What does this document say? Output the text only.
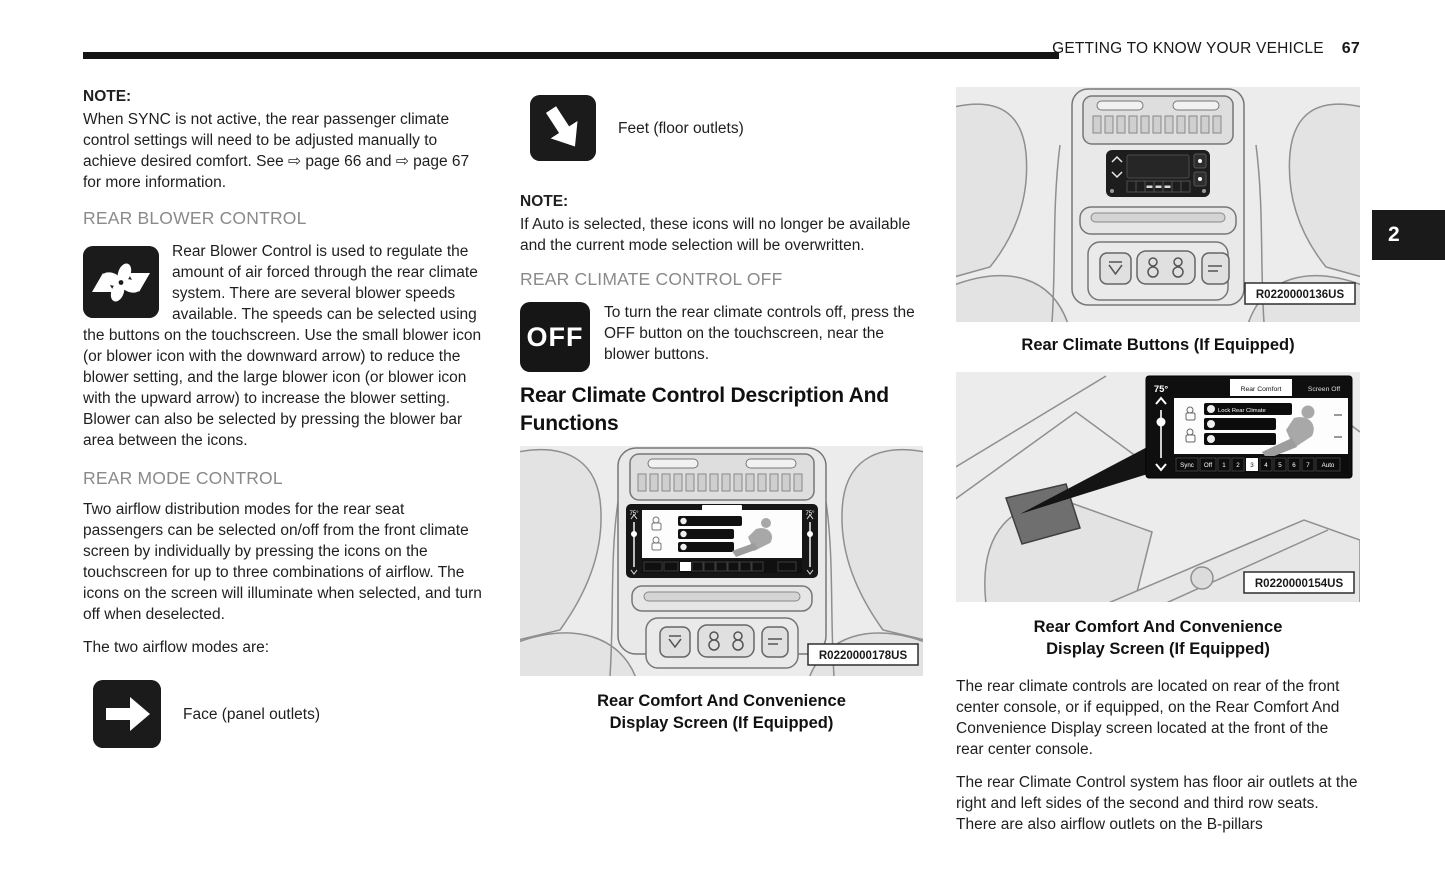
GETTING TO KNOW YOUR VEHICLE 67
2
NOTE:

When SYNC is not active, the rear passenger climate control settings will need to be adjusted manually to achieve desired comfort. See ⇨ page 66 and ⇨ page 67 for more information.

REAR BLOWER CONTROL

Rear Blower Control is used to regulate the amount of air forced through the rear climate system. There are several blower speeds available. The speeds can be selected using the buttons on the touchscreen. Use the small blower icon (or blower icon with the downward arrow) to reduce the blower setting, and the large blower icon (or blower icon with the upward arrow) to increase the blower setting. Blower can also be selected by pressing the blower bar area between the icons.

REAR MODE CONTROL

Two airflow distribution modes for the rear seat passengers can be selected on/off from the front climate screen by individually by pressing the icons on the touchscreen for up to three combinations of airflow. The icons on the screen will illuminate when selected, and turn off when deselected.

The two airflow modes are:

Face (panel outlets)

Feet (floor outlets)

NOTE:

If Auto is selected, these icons will no longer be available and the current mode selection will be overwritten.

REAR CLIMATE CONTROL OFF
OFF

To turn the rear climate controls off, press the OFF button on the touchscreen, near the blower buttons.

Rear Climate Control Description And Functions
75°	75°
R0220000178US
Rear Comfort And Convenience
Display Screen (If Equipped)
R0220000136US
Rear Climate Buttons (If Equipped)
75°	Rear Comfort	Screen Off
Lock Rear Climate
Sync Off 1 2 3 4 5 6 7 Auto
R0220000154US
Rear Comfort And Convenience
Display Screen (If Equipped)

The rear climate controls are located on rear of the front center console, or if equipped, on the Rear Comfort And Convenience Display screen located at the front of the rear center console.

The rear Climate Control system has floor air outlets at the right and left sides of the second and third row seats. There are also airflow outlets on the B-pillars
